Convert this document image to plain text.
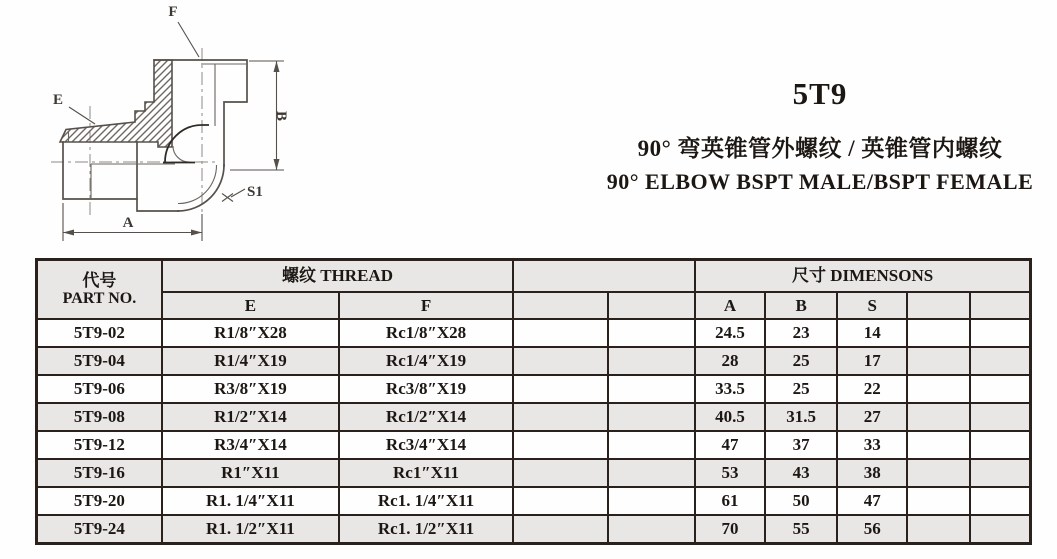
A
B
E
F
S1

5T9

90° 弯英锥管外螺纹 / 英锥管内螺纹

90° ELBOW BSPT MALE/BSPT FEMALE

代号
PART NO.	螺纹 THREAD				尺寸 DIMENSONS				
	E	F			A	B	S		
5T9-02	R1/8″X28	Rc1/8″X28			24.5	23	14		
5T9-04	R1/4″X19	Rc1/4″X19			28	25	17		
5T9-06	R3/8″X19	Rc3/8″X19			33.5	25	22		
5T9-08	R1/2″X14	Rc1/2″X14			40.5	31.5	27		
5T9-12	R3/4″X14	Rc3/4″X14			47	37	33		
5T9-16	R1″X11	Rc1″X11			53	43	38		
5T9-20	R1. 1/4″X11	Rc1. 1/4″X11			61	50	47		
5T9-24	R1. 1/2″X11	Rc1. 1/2″X11			70	55	56		
